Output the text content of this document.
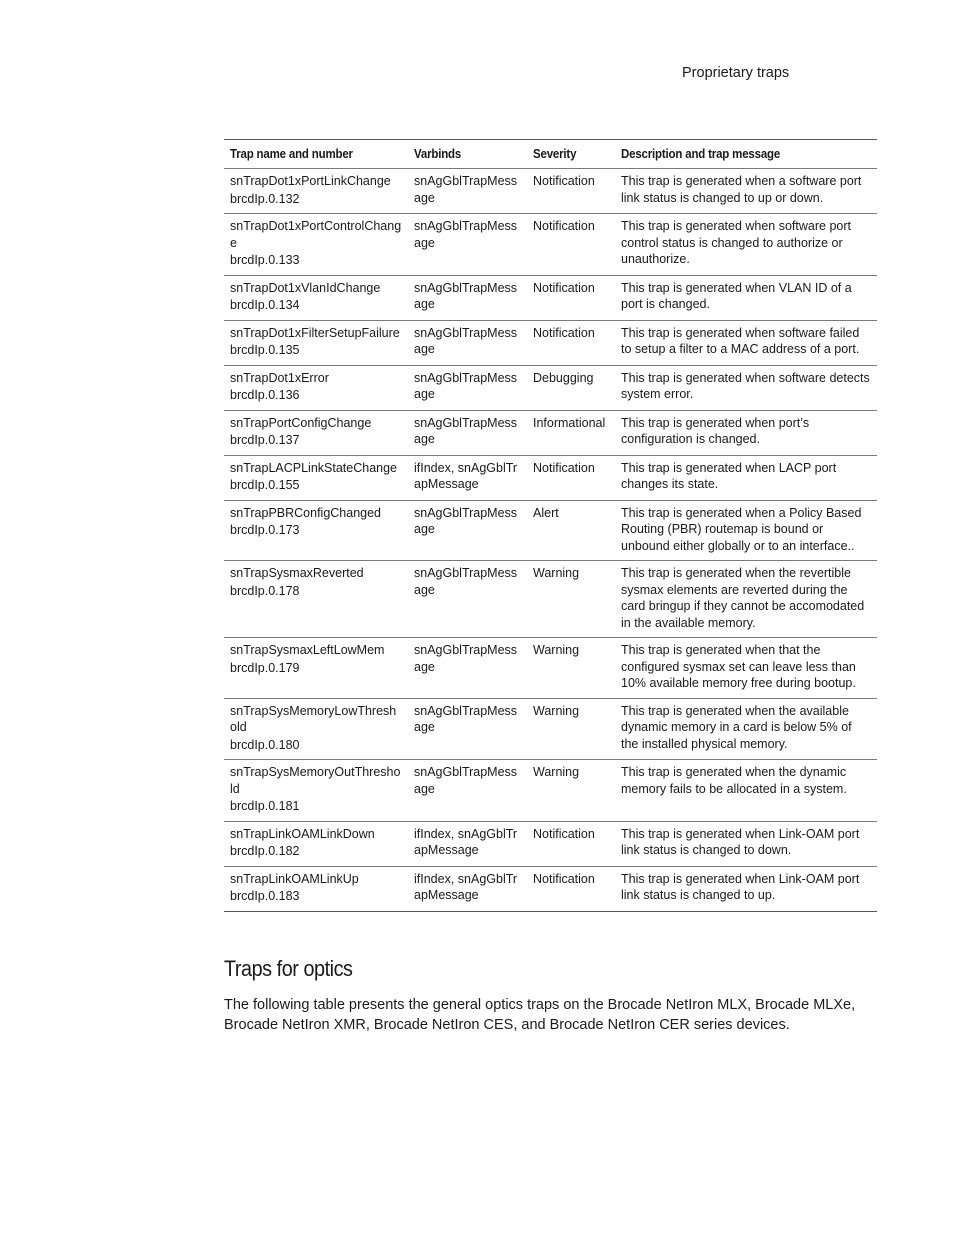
Proprietary traps
Trap name and number	Varbinds	Severity	Description and trap message

snTrapDot1xPortLinkChange
brcdIp.0.132	snAgGblTrapMessage	Notification	This trap is generated when a software port link status is changed to up or down.

snTrapDot1xPortControlChange
brcdIp.0.133	snAgGblTrapMessage	Notification	This trap is generated when software port control status is changed to authorize or unauthorize.

snTrapDot1xVlanIdChange
brcdIp.0.134	snAgGblTrapMessage	Notification	This trap is generated when VLAN ID of a port is changed.

snTrapDot1xFilterSetupFailure
brcdIp.0.135	snAgGblTrapMessage	Notification	This trap is generated when software failed to setup a filter to a MAC address of a port.

snTrapDot1xError
brcdIp.0.136	snAgGblTrapMessage	Debugging	This trap is generated when software detects system error.

snTrapPortConfigChange
brcdIp.0.137	snAgGblTrapMessage	Informational	This trap is generated when port’s configuration is changed.

snTrapLACPLinkStateChange
brcdIp.0.155	ifIndex, snAgGblTrapMessage	Notification	This trap is generated when LACP port changes its state.

snTrapPBRConfigChanged
brcdIp.0.173	snAgGblTrapMessage	Alert	This trap is generated when a Policy Based Routing (PBR) routemap is bound or unbound either globally or to an interface..

snTrapSysmaxReverted
brcdIp.0.178	snAgGblTrapMessage	Warning	This trap is generated when the revertible sysmax elements are reverted during the card bringup if they cannot be accomodated in the available memory.

snTrapSysmaxLeftLowMem
brcdIp.0.179	snAgGblTrapMessage	Warning	This trap is generated when that the configured sysmax set can leave less than 10% available memory free during bootup.

snTrapSysMemoryLowThreshold
brcdIp.0.180	snAgGblTrapMessage	Warning	This trap is generated when the available dynamic memory in a card is below 5% of the installed physical memory.

snTrapSysMemoryOutThreshold
brcdIp.0.181	snAgGblTrapMessage	Warning	This trap is generated when the dynamic memory fails to be allocated in a system.

snTrapLinkOAMLinkDown
brcdIp.0.182	ifIndex, snAgGblTrapMessage	Notification	This trap is generated when Link-OAM port link status is changed to down.

snTrapLinkOAMLinkUp
brcdIp.0.183	ifIndex, snAgGblTrapMessage	Notification	This trap is generated when Link-OAM port link status is changed to up.
Traps for optics

The following table presents the general optics traps on the Brocade NetIron MLX, Brocade MLXe, Brocade NetIron XMR, Brocade NetIron CES, and Brocade NetIron CER series devices.
